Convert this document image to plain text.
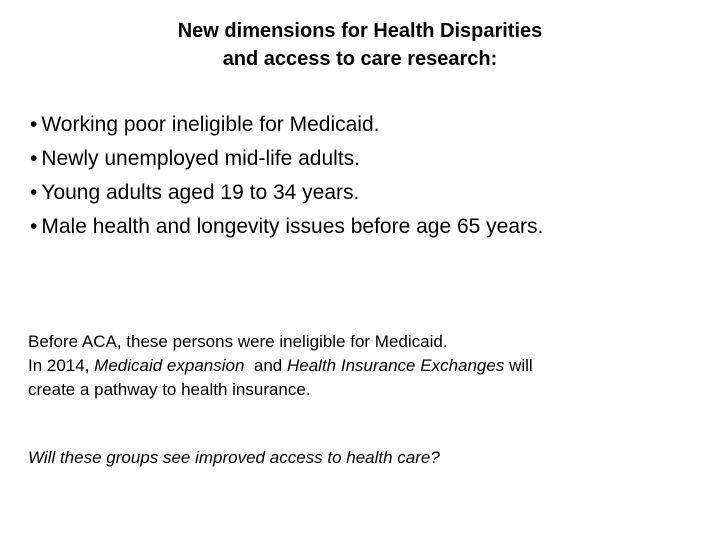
New dimensions for Health Disparities
and access to care research:
• Working poor ineligible for Medicaid.
• Newly unemployed mid-life adults.
• Young adults aged 19 to 34 years.
• Male health and longevity issues before age 65 years.
Before ACA, these persons were ineligible for Medicaid.
In 2014, Medicaid expansion  and Health Insurance Exchanges will
create a pathway to health insurance.
Will these groups see improved access to health care?
